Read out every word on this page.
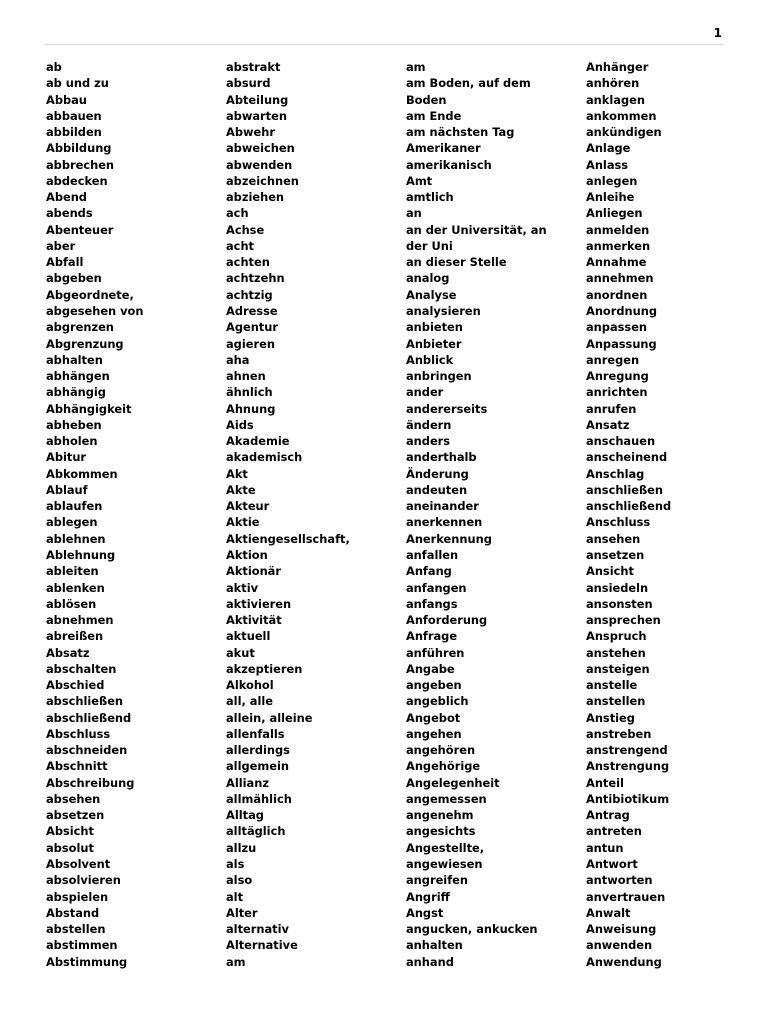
1
ab
ab und zu
Abbau
abbauen
abbilden
Abbildung
abbrechen
abdecken
Abend
abends
Abenteuer
aber
Abfall
abgeben
Abgeordnete,
abgesehen von
abgrenzen
Abgrenzung
abhalten
abhängen
abhängig
Abhängigkeit
abheben
abholen
Abitur
Abkommen
Ablauf
ablaufen
ablegen
ablehnen
Ablehnung
ableiten
ablenken
ablösen
abnehmen
abreißen
Absatz
abschalten
Abschied
abschließen
abschließend
Abschluss
abschneiden
Abschnitt
Abschreibung
absehen
absetzen
Absicht
absolut
Absolvent
absolvieren
abspielen
Abstand
abstellen
abstimmen
Abstimmung
abstrakt
absurd
Abteilung
abwarten
Abwehr
abweichen
abwenden
abzeichnen
abziehen
ach
Achse
acht
achten
achtzehn
achtzig
Adresse
Agentur
agieren
aha
ahnen
ähnlich
Ahnung
Aids
Akademie
akademisch
Akt
Akte
Akteur
Aktie
Aktiengesellschaft,
Aktion
Aktionär
aktiv
aktivieren
Aktivität
aktuell
akut
akzeptieren
Alkohol
all, alle
allein, alleine
allenfalls
allerdings
allgemein
Allianz
allmählich
Alltag
alltäglich
allzu
als
also
alt
Alter
alternativ
Alternative
am
am
am Boden, auf dem
Boden
am Ende
am nächsten Tag
Amerikaner
amerikanisch
Amt
amtlich
an
an der Universität, an
der Uni
an dieser Stelle
analog
Analyse
analysieren
anbieten
Anbieter
Anblick
anbringen
ander
andererseits
ändern
anders
anderthalb
Änderung
andeuten
aneinander
anerkennen
Anerkennung
anfallen
Anfang
anfangen
anfangs
Anforderung
Anfrage
anführen
Angabe
angeben
angeblich
Angebot
angehen
angehören
Angehörige
Angelegenheit
angemessen
angenehm
angesichts
Angestellte,
angewiesen
angreifen
Angriff
Angst
angucken, ankucken
anhalten
anhand
Anhänger
anhören
anklagen
ankommen
ankündigen
Anlage
Anlass
anlegen
Anleihe
Anliegen
anmelden
anmerken
Annahme
annehmen
anordnen
Anordnung
anpassen
Anpassung
anregen
Anregung
anrichten
anrufen
Ansatz
anschauen
anscheinend
Anschlag
anschließen
anschließend
Anschluss
ansehen
ansetzen
Ansicht
ansiedeln
ansonsten
ansprechen
Anspruch
anstehen
ansteigen
anstelle
anstellen
Anstieg
anstreben
anstrengend
Anstrengung
Anteil
Antibiotikum
Antrag
antreten
antun
Antwort
antworten
anvertrauen
Anwalt
Anweisung
anwenden
Anwendung
